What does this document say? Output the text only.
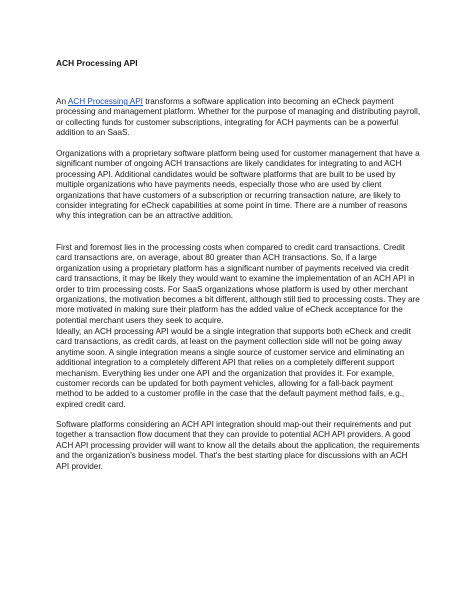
ACH Processing API

An ACH Processing API transforms a software application into becoming an eCheck payment
processing and management platform. Whether for the purpose of managing and distributing payroll,
or collecting funds for customer subscriptions, integrating for ACH payments can be a powerful
addition to an SaaS.

Organizations with a proprietary software platform being used for customer management that have a
significant number of ongoing ACH transactions are likely candidates for integrating to and ACH
processing API. Additional candidates would be software platforms that are built to be used by
multiple organizations who have payments needs, especially those who are used by client
organizations that have customers of a subscription or recurring transaction nature, are likely to
consider integrating for eCheck capabilities at some point in time. There are a number of reasons
why this integration can be an attractive addition.

First and foremost lies in the processing costs when compared to credit card transactions. Credit
card transactions are, on average, about 80 greater than ACH transactions. So, if a large
organization using a proprietary platform has a significant number of payments received via credit
card transactions, it may be likely they would want to examine the implementation of an ACH API in
order to trim processing costs. For SaaS organizations whose platform is used by other merchant
organizations, the motivation becomes a bit different, although still tied to processing costs. They are
more motivated in making sure their platform has the added value of eCheck acceptance for the
potential merchant users they seek to acquire.

Ideally, an ACH processing API would be a single integration that supports both eCheck and credit
card transactions, as credit cards, at least on the payment collection side will not be going away
anytime soon. A single integration means a single source of customer service and eliminating an
additional integration to a completely different API that relies on a completely different support
mechanism. Everything lies under one API and the organization that provides it. For example,
customer records can be updated for both payment vehicles, allowing for a fall-back payment
method to be added to a customer profile in the case that the default payment method fails, e.g.,
expired credit card.

Software platforms considering an ACH API integration should map-out their requirements and put
together a transaction flow document that they can provide to potential ACH API providers. A good
ACH API processing provider will want to know all the details about the application, the requirements
and the organization's business model. That's the best starting place for discussions with an ACH
API provider.
